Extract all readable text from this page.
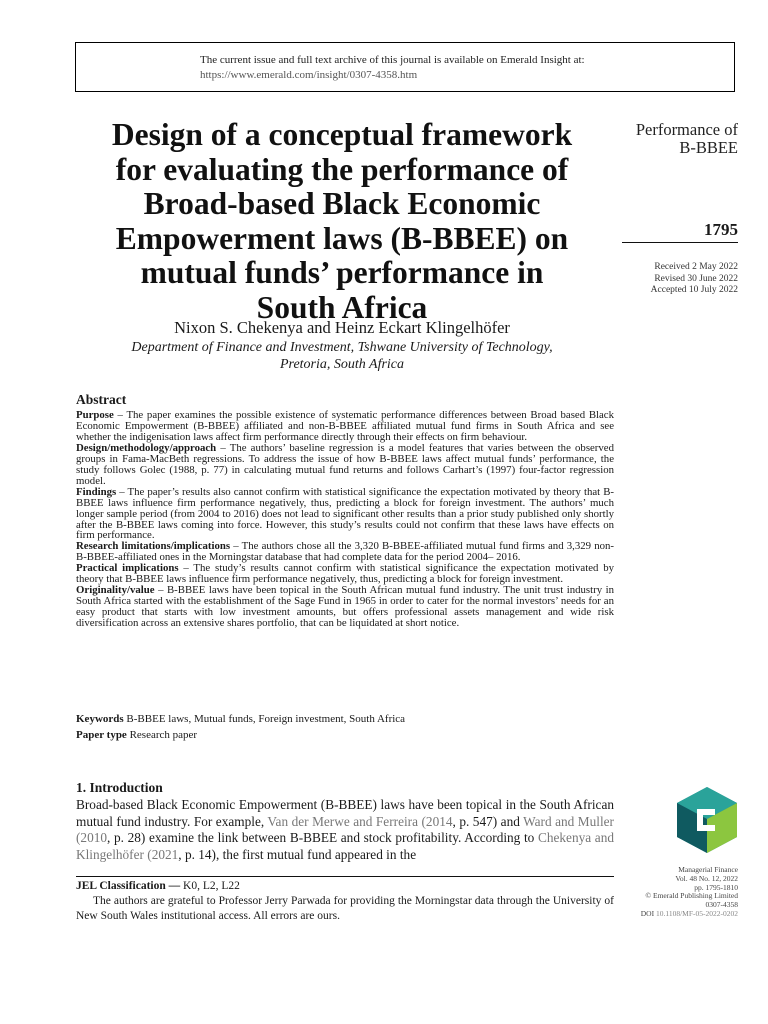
The current issue and full text archive of this journal is available on Emerald Insight at:
https://www.emerald.com/insight/0307-4358.htm
Design of a conceptual framework
for evaluating the performance of
Broad-based Black Economic
Empowerment laws (B-BBEE) on
mutual funds’ performance in
South Africa
Nixon S. Chekenya and Heinz Eckart Klingelhöfer
Department of Finance and Investment, Tshwane University of Technology,
Pretoria, South Africa
Performance of
B-BBEE
1795
Received 2 May 2022
Revised 30 June 2022
Accepted 10 July 2022
Abstract

Purpose – The paper examines the possible existence of systematic performance differences between Broad based Black Economic Empowerment (B-BBEE) affiliated and non-B-BBEE affiliated mutual fund firms in South Africa and see whether the indigenisation laws affect firm performance directly through their effects on firm behaviour.

Design/methodology/approach – The authors’ baseline regression is a model features that varies between the observed groups in Fama-MacBeth regressions. To address the issue of how B-BBEE laws affect mutual funds’ performance, the study follows Golec (1988, p. 77) in calculating mutual fund returns and follows Carhart’s (1997) four-factor regression model.

Findings – The paper’s results also cannot confirm with statistical significance the expectation motivated by theory that B-BBEE laws influence firm performance negatively, thus, predicting a block for foreign investment. The authors’ much longer sample period (from 2004 to 2016) does not lead to significant other results than a prior study published only shortly after the B-BBEE laws coming into force. However, this study’s results could not confirm that these laws have effects on firm performance.

Research limitations/implications – The authors chose all the 3,320 B-BBEE-affiliated mutual fund firms and 3,329 non-B-BBEE-affiliated ones in the Morningstar database that had complete data for the period 2004– 2016.

Practical implications – The study’s results cannot confirm with statistical significance the expectation motivated by theory that B-BBEE laws influence firm performance negatively, thus, predicting a block for foreign investment.

Originality/value – B-BBEE laws have been topical in the South African mutual fund industry. The unit trust industry in South Africa started with the establishment of the Sage Fund in 1965 in order to cater for the normal investors’ needs for an easy product that starts with low investment amounts, but offers professional assets management and wide risk diversification across an extensive shares portfolio, that can be liquidated at short notice.

Keywords B-BBEE laws, Mutual funds, Foreign investment, South Africa
Paper type Research paper
1. Introduction
Broad-based Black Economic Empowerment (B-BBEE) laws have been topical in the South African mutual fund industry. For example, Van der Merwe and Ferreira (2014, p. 547) and Ward and Muller (2010, p. 28) examine the link between B-BBEE and stock profitability. According to Chekenya and Klingelhöfer (2021, p. 14), the first mutual fund appeared in the
JEL Classification — K0, L2, L22
The authors are grateful to Professor Jerry Parwada for providing the Morningstar data through the University of New South Wales institutional access. All errors are ours.
Managerial Finance
Vol. 48 No. 12, 2022
pp. 1795-1810
© Emerald Publishing Limited
0307-4358
DOI 10.1108/MF-05-2022-0202
